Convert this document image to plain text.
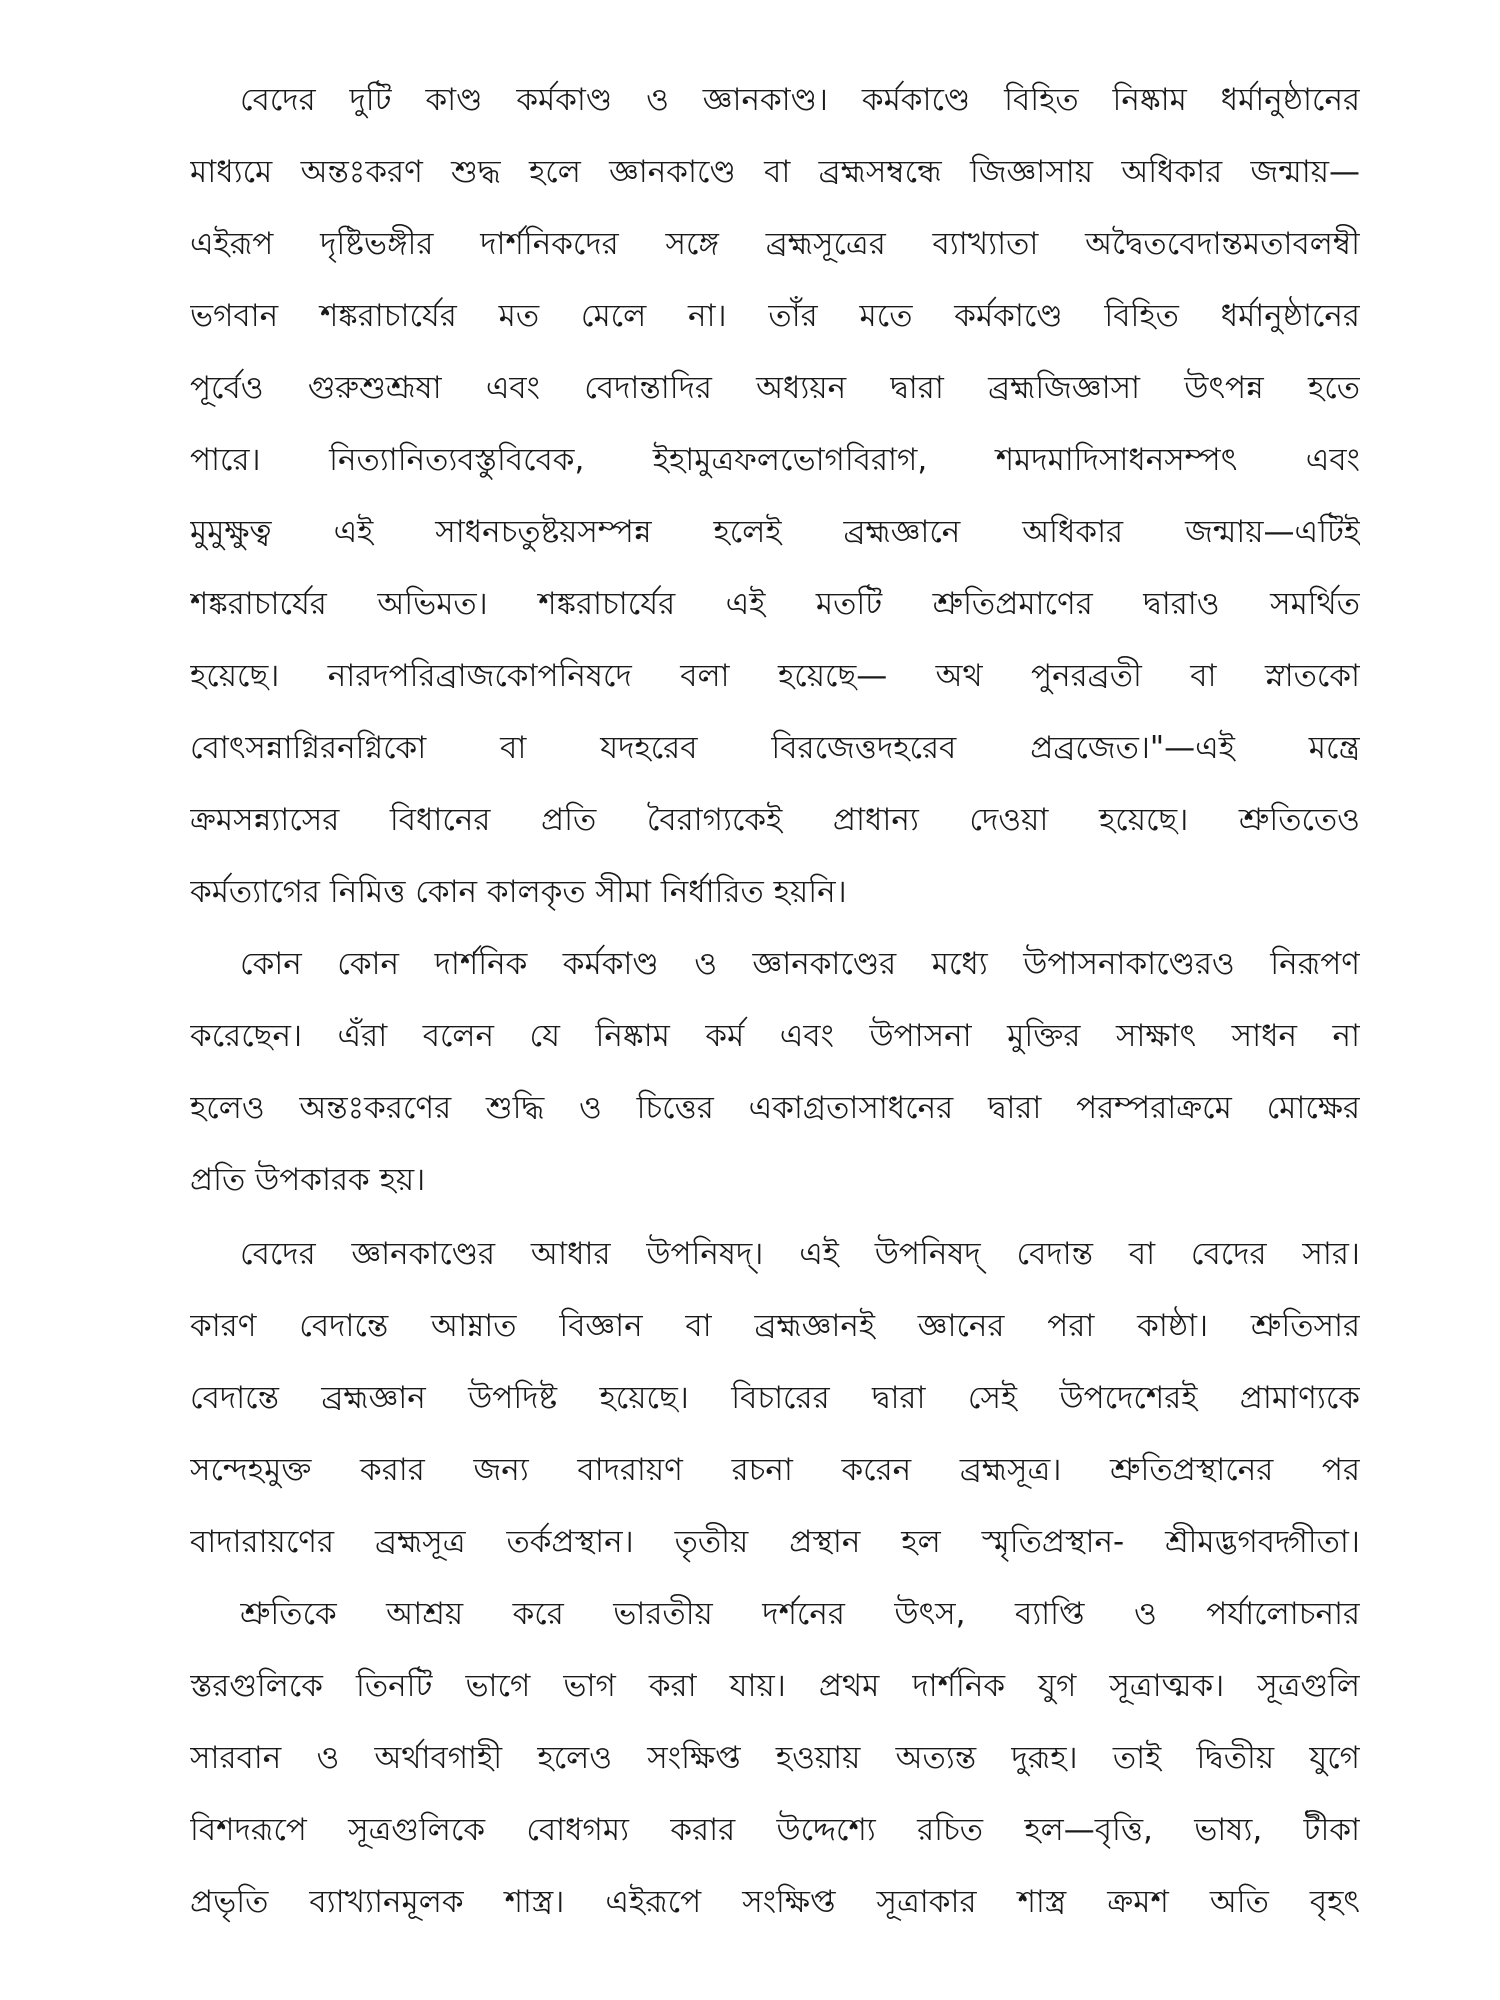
বেদের দুটি কাণ্ড কর্মকাণ্ড ও জ্ঞানকাণ্ড। কর্মকাণ্ডে বিহিত নিষ্কাম ধর্মানুষ্ঠানের
মাধ্যমে অন্তঃকরণ শুদ্ধ হলে জ্ঞানকাণ্ডে বা ব্রহ্মসম্বন্ধে জিজ্ঞাসায় অধিকার জন্মায়—
এইরূপ দৃষ্টিভঙ্গীর দার্শনিকদের সঙ্গে ব্রহ্মসূত্রের ব্যাখ্যাতা অদ্বৈতবেদান্তমতাবলম্বী
ভগবান শঙ্করাচার্যের মত মেলে না। তাঁর মতে কর্মকাণ্ডে বিহিত ধর্মানুষ্ঠানের
পূর্বেও গুরুশুশ্রূষা এবং বেদান্তাদির অধ্যয়ন দ্বারা ব্রহ্মজিজ্ঞাসা উৎপন্ন হতে
পারে। নিত্যানিত্যবস্তুবিবেক, ইহামুত্রফলভোগবিরাগ, শমদমাদিসাধনসম্পৎ এবং
মুমুক্ষুত্ব এই সাধনচতুষ্টয়সম্পন্ন হলেই ব্রহ্মজ্ঞানে অধিকার জন্মায়—এটিই
শঙ্করাচার্যের অভিমত। শঙ্করাচার্যের এই মতটি শ্রুতিপ্রমাণের দ্বারাও সমর্থিত
হয়েছে। নারদপরিব্রাজকোপনিষদে বলা হয়েছে— অথ পুনরব্রতী বা স্নাতকো
বোৎসন্নাগ্নিরনগ্নিকো বা যদহরেব বিরজেত্তদহরেব প্রব্রজেত।"—এই মন্ত্রে
ক্রমসন্ন্যাসের বিধানের প্রতি বৈরাগ্যকেই প্রাধান্য দেওয়া হয়েছে। শ্রুতিতেও
কর্মত্যাগের নিমিত্ত কোন কালকৃত সীমা নির্ধারিত হয়নি।
কোন কোন দার্শনিক কর্মকাণ্ড ও জ্ঞানকাণ্ডের মধ্যে উপাসনাকাণ্ডেরও নিরূপণ
করেছেন। এঁরা বলেন যে নিষ্কাম কর্ম এবং উপাসনা মুক্তির সাক্ষাৎ সাধন না
হলেও অন্তঃকরণের শুদ্ধি ও চিত্তের একাগ্রতাসাধনের দ্বারা পরম্পরাক্রমে মোক্ষের
প্রতি উপকারক হয়।
বেদের জ্ঞানকাণ্ডের আধার উপনিষদ্। এই উপনিষদ্ বেদান্ত বা বেদের সার।
কারণ বেদান্তে আম্নাত বিজ্ঞান বা ব্রহ্মজ্ঞানই জ্ঞানের পরা কাষ্ঠা। শ্রুতিসার
বেদান্তে ব্রহ্মজ্ঞান উপদিষ্ট হয়েছে। বিচারের দ্বারা সেই উপদেশেরই প্রামাণ্যকে
সন্দেহমুক্ত করার জন্য বাদরায়ণ রচনা করেন ব্রহ্মসূত্র। শ্রুতিপ্রস্থানের পর
বাদারায়ণের ব্রহ্মসূত্র তর্কপ্রস্থান। তৃতীয় প্রস্থান হল স্মৃতিপ্রস্থান- শ্রীমদ্ভগবদ্গীতা।
শ্রুতিকে আশ্রয় করে ভারতীয় দর্শনের উৎস, ব্যাপ্তি ও পর্যালোচনার
স্তরগুলিকে তিনটি ভাগে ভাগ করা যায়। প্রথম দার্শনিক যুগ সূত্রাত্মক। সূত্রগুলি
সারবান ও অর্থাবগাহী হলেও সংক্ষিপ্ত হওয়ায় অত্যন্ত দুরূহ। তাই দ্বিতীয় যুগে
বিশদরূপে সূত্রগুলিকে বোধগম্য করার উদ্দেশ্যে রচিত হল—বৃত্তি, ভাষ্য, টীকা
প্রভৃতি ব্যাখ্যানমূলক শাস্ত্র। এইরূপে সংক্ষিপ্ত সূত্রাকার শাস্ত্র ক্রমশ অতি বৃহৎ
